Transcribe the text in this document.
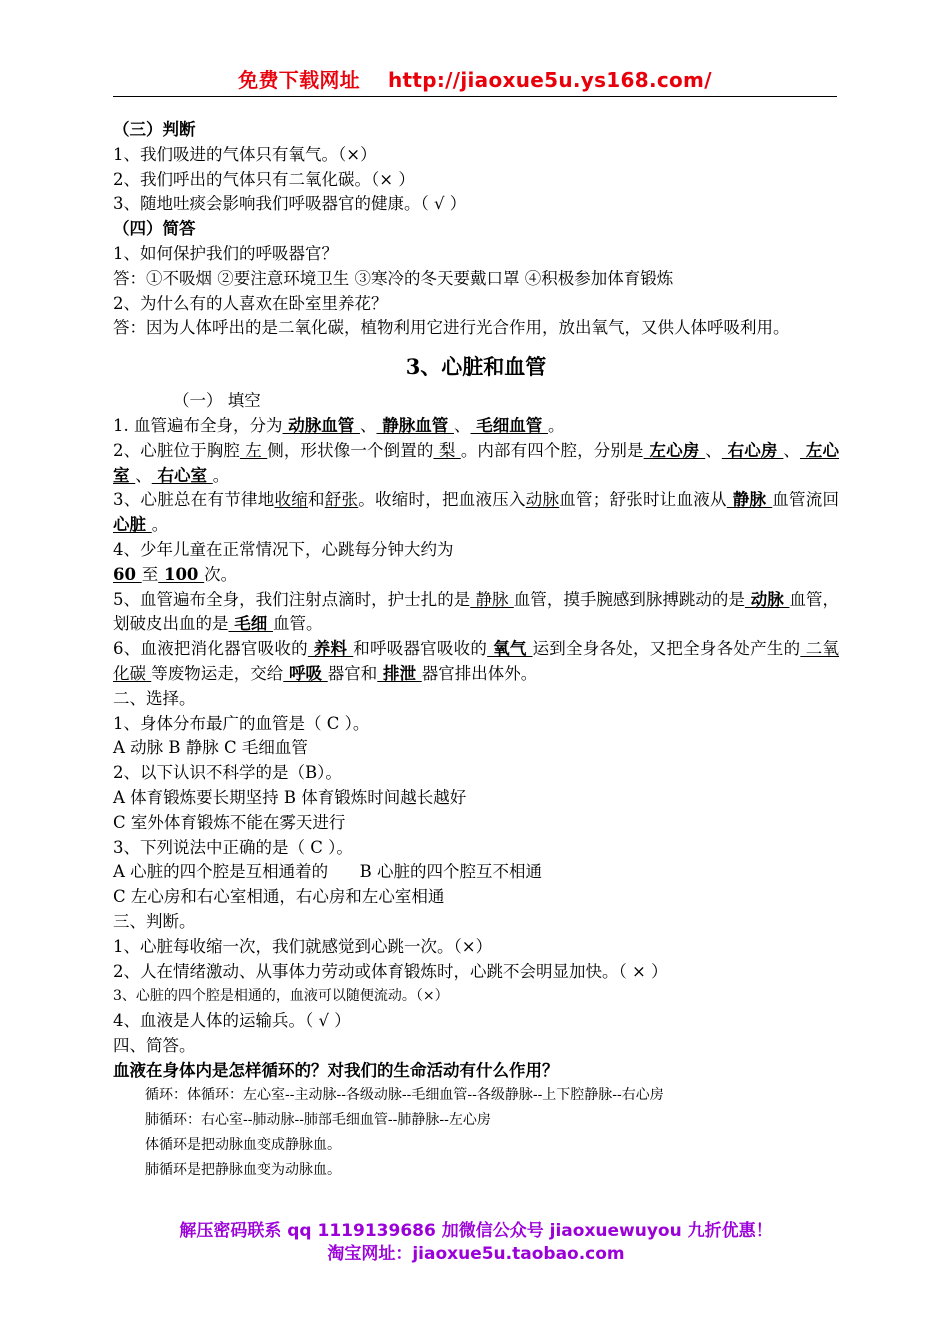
免费下载网址 http://jiaoxue5u.ys168.com/
（三）判断
1、我们吸进的气体只有氧气。（×）
2、我们呼出的气体只有二氧化碳。（× ）
3、随地吐痰会影响我们呼吸器官的健康。（ √ ）
（四）简答
1、如何保护我们的呼吸器官？
答：①不吸烟 ②要注意环境卫生 ③寒冷的冬天要戴口罩 ④积极参加体育锻炼
2、为什么有的人喜欢在卧室里养花？
答：因为人体呼出的是二氧化碳，植物利用它进行光合作用，放出氧气，又供人体呼吸利用。
3、心脏和血管
（一） 填空
1. 血管遍布全身，分为 动脉血管 、 静脉血管 、 毛细血管 。
2、心脏位于胸腔 左 侧，形状像一个倒置的 梨 。内部有四个腔，分别是 左心房 、 右心房 、 左心室 、 右心室 。
3、心脏总在有节律地收缩和舒张。收缩时，把血液压入动脉血管；舒张时让血液从 静脉 血管流回 心脏 。
4、少年儿童在正常情况下，心跳每分钟大约为
60 至 100 次。
5、血管遍布全身，我们注射点滴时，护士扎的是 静脉 血管，摸手腕感到脉搏跳动的是 动脉 血管，划破皮出血的是 毛细 血管。
6、血液把消化器官吸收的 养料 和呼吸器官吸收的 氧气 运到全身各处，又把全身各处产生的 二氧化碳 等废物运走，交给 呼吸 器官和 排泄 器官排出体外。
二、选择。
1、身体分布最广的血管是（ C ）。
A 动脉 B 静脉 C 毛细血管
2、以下认识不科学的是（B）。
A 体育锻炼要长期坚持 B 体育锻炼时间越长越好
C 室外体育锻炼不能在雾天进行
3、下列说法中正确的是（ C ）。
A 心脏的四个腔是互相通着的      B 心脏的四个腔互不相通
C 左心房和右心室相通，右心房和左心室相通
三、判断。
1、心脏每收缩一次，我们就感觉到心跳一次。（×）
2、人在情绪激动、从事体力劳动或体育锻炼时，心跳不会明显加快。（ × ）
3、心脏的四个腔是相通的，血液可以随便流动。（×）
4、血液是人体的运输兵。（ √ ）
四、简答。
血液在身体内是怎样循环的？对我们的生命活动有什么作用？
循环：体循环：左心室--主动脉--各级动脉--毛细血管--各级静脉--上下腔静脉--右心房
肺循环：右心室--肺动脉--肺部毛细血管--肺静脉--左心房
体循环是把动脉血变成静脉血。
肺循环是把静脉血变为动脉血。
解压密码联系 qq 1119139686 加微信公众号 jiaoxuewuyou 九折优惠！
淘宝网址：jiaoxue5u.taobao.com
